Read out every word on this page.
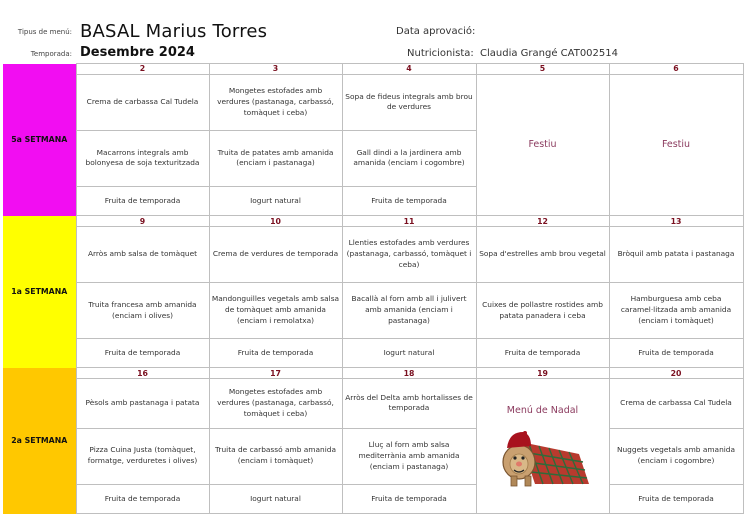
Tipus de menú: BASAL Marius Torres
Temporada: Desembre 2024
Data aprovació:
Nutricionista: Claudia Grangé CAT002514
5a SETMANA	2	3	4	5	6
	Crema de carbassa Cal Tudela	Mongetes estofades amb verdures (pastanaga, carbassó, tomàquet i ceba)	Sopa de fideus integrals amb brou de verdures	Festiu	Festiu
	Macarrons integrals amb bolonyesa de soja texturitzada	Truita de patates amb amanida (enciam i pastanaga)	Gall dindi a la jardinera amb amanida (enciam i cogombre)		
	Fruita de temporada	Iogurt natural	Fruita de temporada		
1a SETMANA	9	10	11	12	13
	Arròs amb salsa de tomàquet	Crema de verdures de temporada	Llenties estofades amb verdures (pastanaga, carbassó, tomàquet i ceba)	Sopa d'estrelles amb brou vegetal	Bròquil amb patata i pastanaga
	Truita francesa amb amanida (enciam i olives)	Mandonguilles vegetals amb salsa de tomàquet amb amanida (enciam i remolatxa)	Bacallà al forn amb all i julivert amb amanida (enciam i pastanaga)	Cuixes de pollastre rostides amb patata panadera i ceba	Hamburguesa amb ceba caramel·litzada amb amanida (enciam i tomàquet)
	Fruita de temporada	Fruita de temporada	Iogurt natural	Fruita de temporada	Fruita de temporada
2a SETMANA	16	17	18	19	20
	Pèsols amb pastanaga i patata	Mongetes estofades amb verdures (pastanaga, carbassó, tomàquet i ceba)	Arròs del Delta amb hortalisses de temporada	Menú de Nadal	Crema de carbassa Cal Tudela
	Pizza Cuina Justa (tomàquet, formatge, verduretes i olives)	Truita de carbassó amb amanida (enciam i tomàquet)	Lluç al forn amb salsa mediterrània amb amanida (enciam i pastanaga)		Nuggets vegetals amb amanida (enciam i cogombre)
	Fruita de temporada	Iogurt natural	Fruita de temporada		Fruita de temporada
